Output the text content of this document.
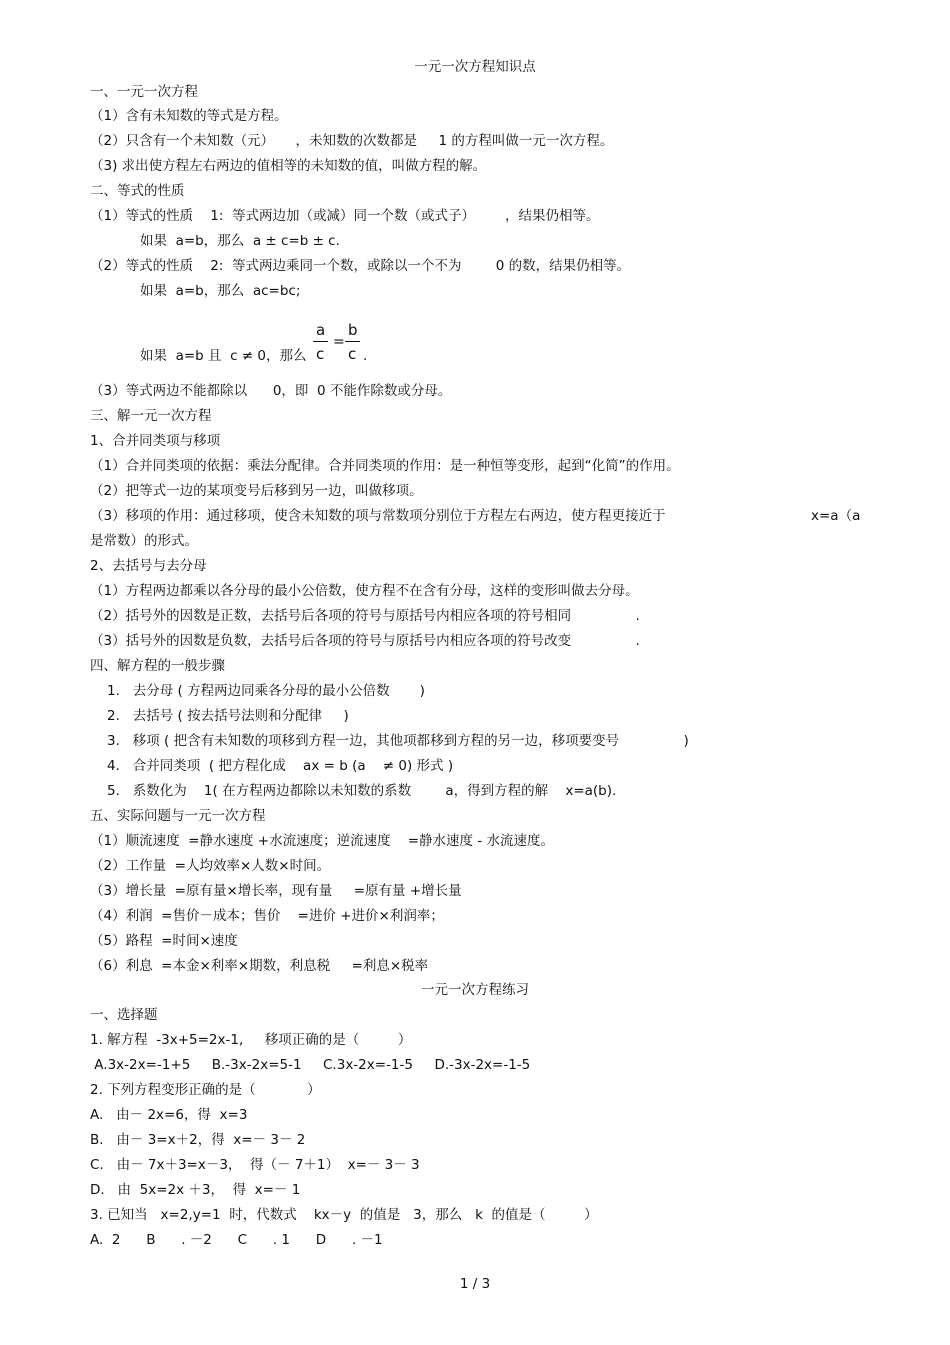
一元一次方程知识点
一、一元一次方程
（1）含有未知数的等式是方程。
（2）只含有一个未知数（元）     ，未知数的次数都是     1 的方程叫做一元一次方程。
（3) 求出使方程左右两边的值相等的未知数的值，叫做方程的解。
二、等式的性质
（1）等式的性质    1:  等式两边加（或减）同一个数（或式子）       ，结果仍相等。
如果  a=b，那么  a ± c=b ± c.
（2）等式的性质    2:  等式两边乘同一个数，或除以一个不为        0 的数，结果仍相等。
如果  a=b，那么  ac=bc;
如果  a=b 且  c ≠ 0，那么
a
c
=
b
c .
（3）等式两边不能都除以      0，即  0 不能作除数或分母。
三、解一元一次方程
1、合并同类项与移项
（1）合并同类项的依据：乘法分配律。合并同类项的作用：是一种恒等变形，起到“化简”的作用。
（2）把等式一边的某项变号后移到另一边，叫做移项。
（3）移项的作用：通过移项，使含未知数的项与常数项分别位于方程左右两边，使方程更接近于	x=a（a
是常数）的形式。
2、去括号与去分母
（1）方程两边都乘以各分母的最小公倍数，使方程不在含有分母，这样的变形叫做去分母。
（2）括号外的因数是正数，去括号后各项的符号与原括号内相应各项的符号相同               .
（3）括号外的因数是负数，去括号后各项的符号与原括号内相应各项的符号改变               .
四、解方程的一般步骤
1.   去分母 ( 方程两边同乘各分母的最小公倍数       )
2.   去括号 ( 按去括号法则和分配律     )
3.   移项 ( 把含有未知数的项移到方程一边，其他项都移到方程的另一边，移项要变号               )
4.   合并同类项  ( 把方程化成    ax = b (a    ≠ 0) 形式 )
5.   系数化为    1( 在方程两边都除以未知数的系数        a，得到方程的解    x=a(b).
五、实际问题与一元一次方程
（1）顺流速度  =静水速度 +水流速度；逆流速度    =静水速度 - 水流速度。
（2）工作量  =人均效率×人数×时间。
（3）增长量  =原有量×增长率，现有量     =原有量 +增长量
（4）利润  =售价－成本；售价    =进价 +进价×利润率；
（5）路程  =时间×速度
（6）利息  =本金×利率×期数，利息税     =利息×税率
一元一次方程练习
一、选择题
1. 解方程  -3x+5=2x-1,     移项正确的是（         ）
A.3x-2x=-1+5     B.-3x-2x=5-1     C.3x-2x=-1-5     D.-3x-2x=-1-5
2. 下列方程变形正确的是（            ）
A.   由－ 2x=6，得  x=3
B.   由－ 3=x＋2，得  x=－ 3－ 2
C.   由－ 7x＋3=x－3，  得（－ 7＋1）  x=－ 3－ 3
D.   由  5x=2x ＋3，  得  x=－ 1
3. 已知当   x=2,y=1  时，代数式    kx－y  的值是   3，那么   k  的值是（         ）
A.  2      B      . －2      C      . 1      D      . －1
1 / 3
